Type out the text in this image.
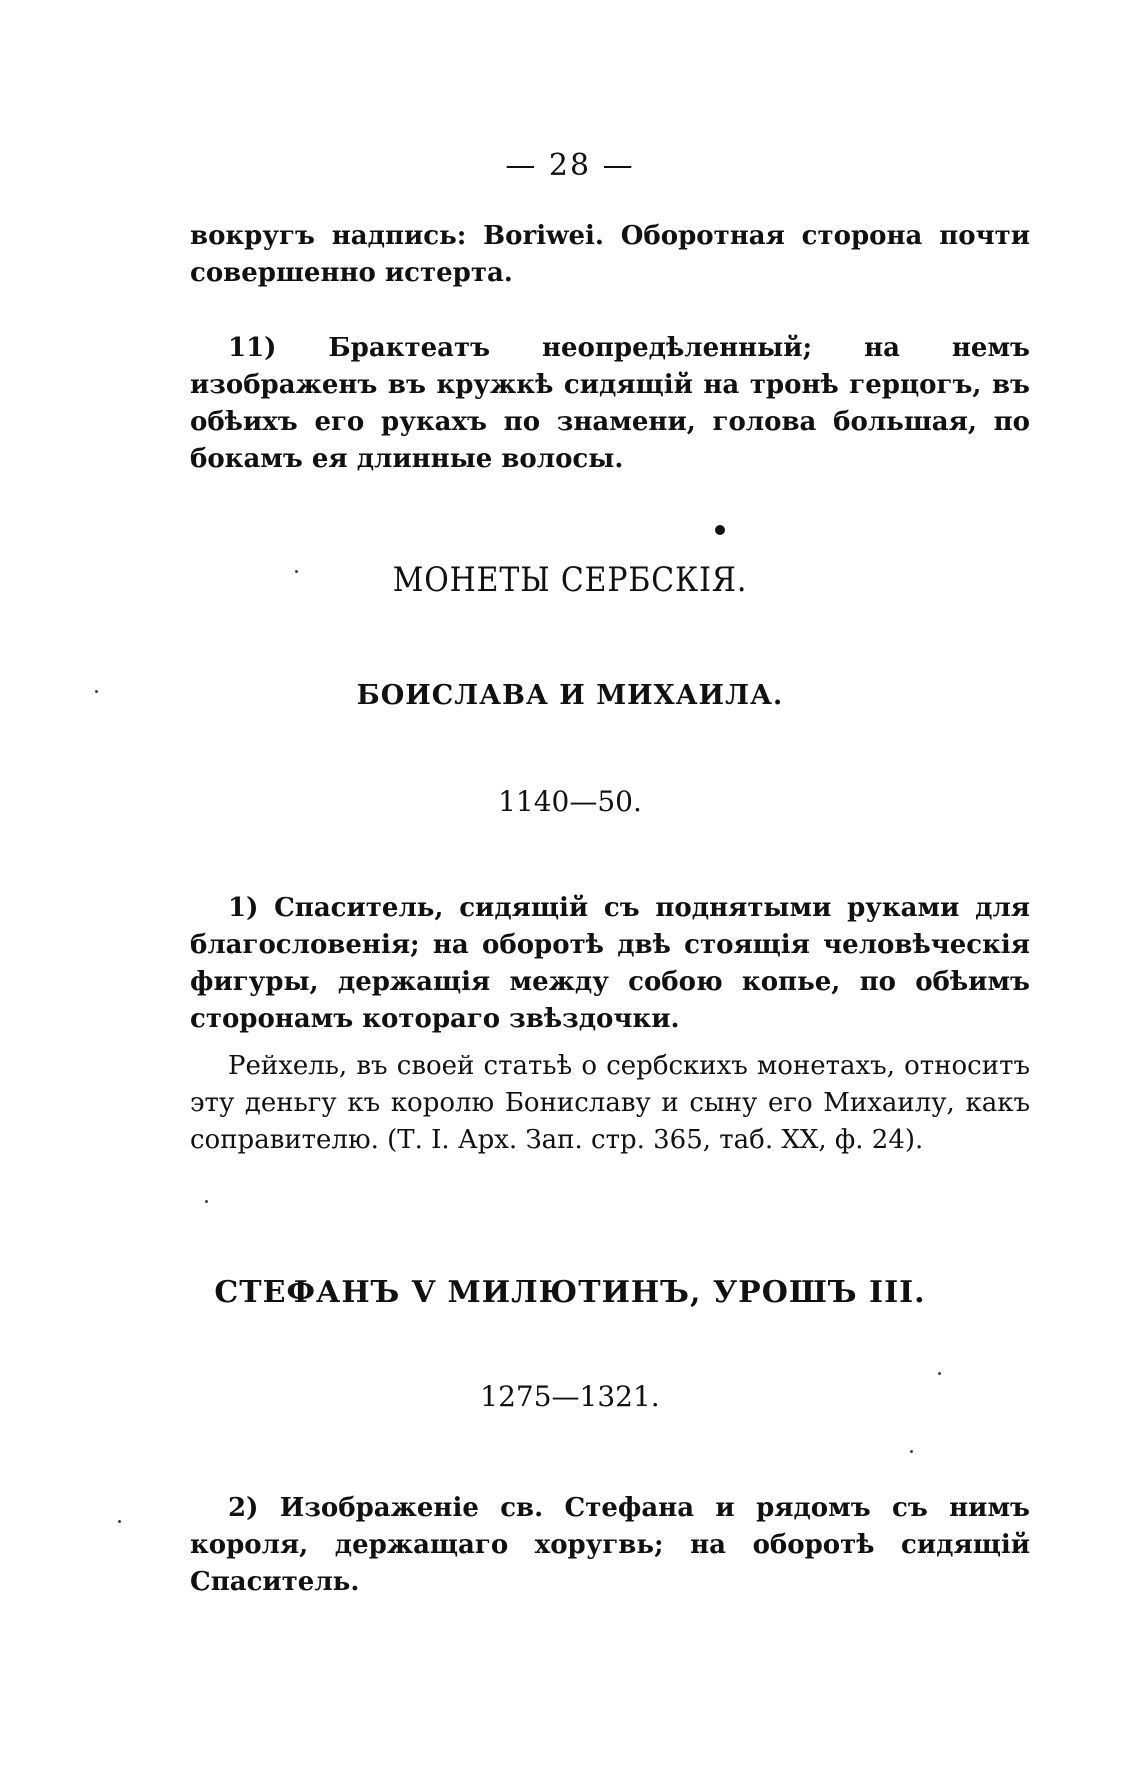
— 28 —

вокругъ надпись: Boriwei. Оборотная сторона почти совершенно истерта.

11) Брактеатъ неопредѣленный; на немъ изображенъ въ кружкѣ сидящій на тронѣ герцогъ, въ обѣихъ его рукахъ по знамени, голова большая, по бокамъ ея длинные волосы.

МОНЕТЫ СЕРБСКІЯ.
БОИСЛАВА И МИХАИЛА.
1140—50.

1) Спаситель, сидящій съ поднятыми руками для благословенія; на оборотѣ двѣ стоящія человѣческія фигуры, держащія между собою копье, по обѣимъ сторонамъ котораго звѣздочки.

Рейхель, въ своей статьѣ о сербскихъ монетахъ, относитъ эту деньгу къ королю Бониславу и сыну его Михаилу, какъ соправителю. (Т. I. Арх. Зап. стр. 365, таб. XX, ф. 24).

СТЕФАНЪ V МИЛЮТИНЪ, УРОШЪ III.
1275—1321.

2) Изображеніе св. Стефана и рядомъ съ нимъ короля, держащаго хоругвь; на оборотѣ сидящій Спаситель.
